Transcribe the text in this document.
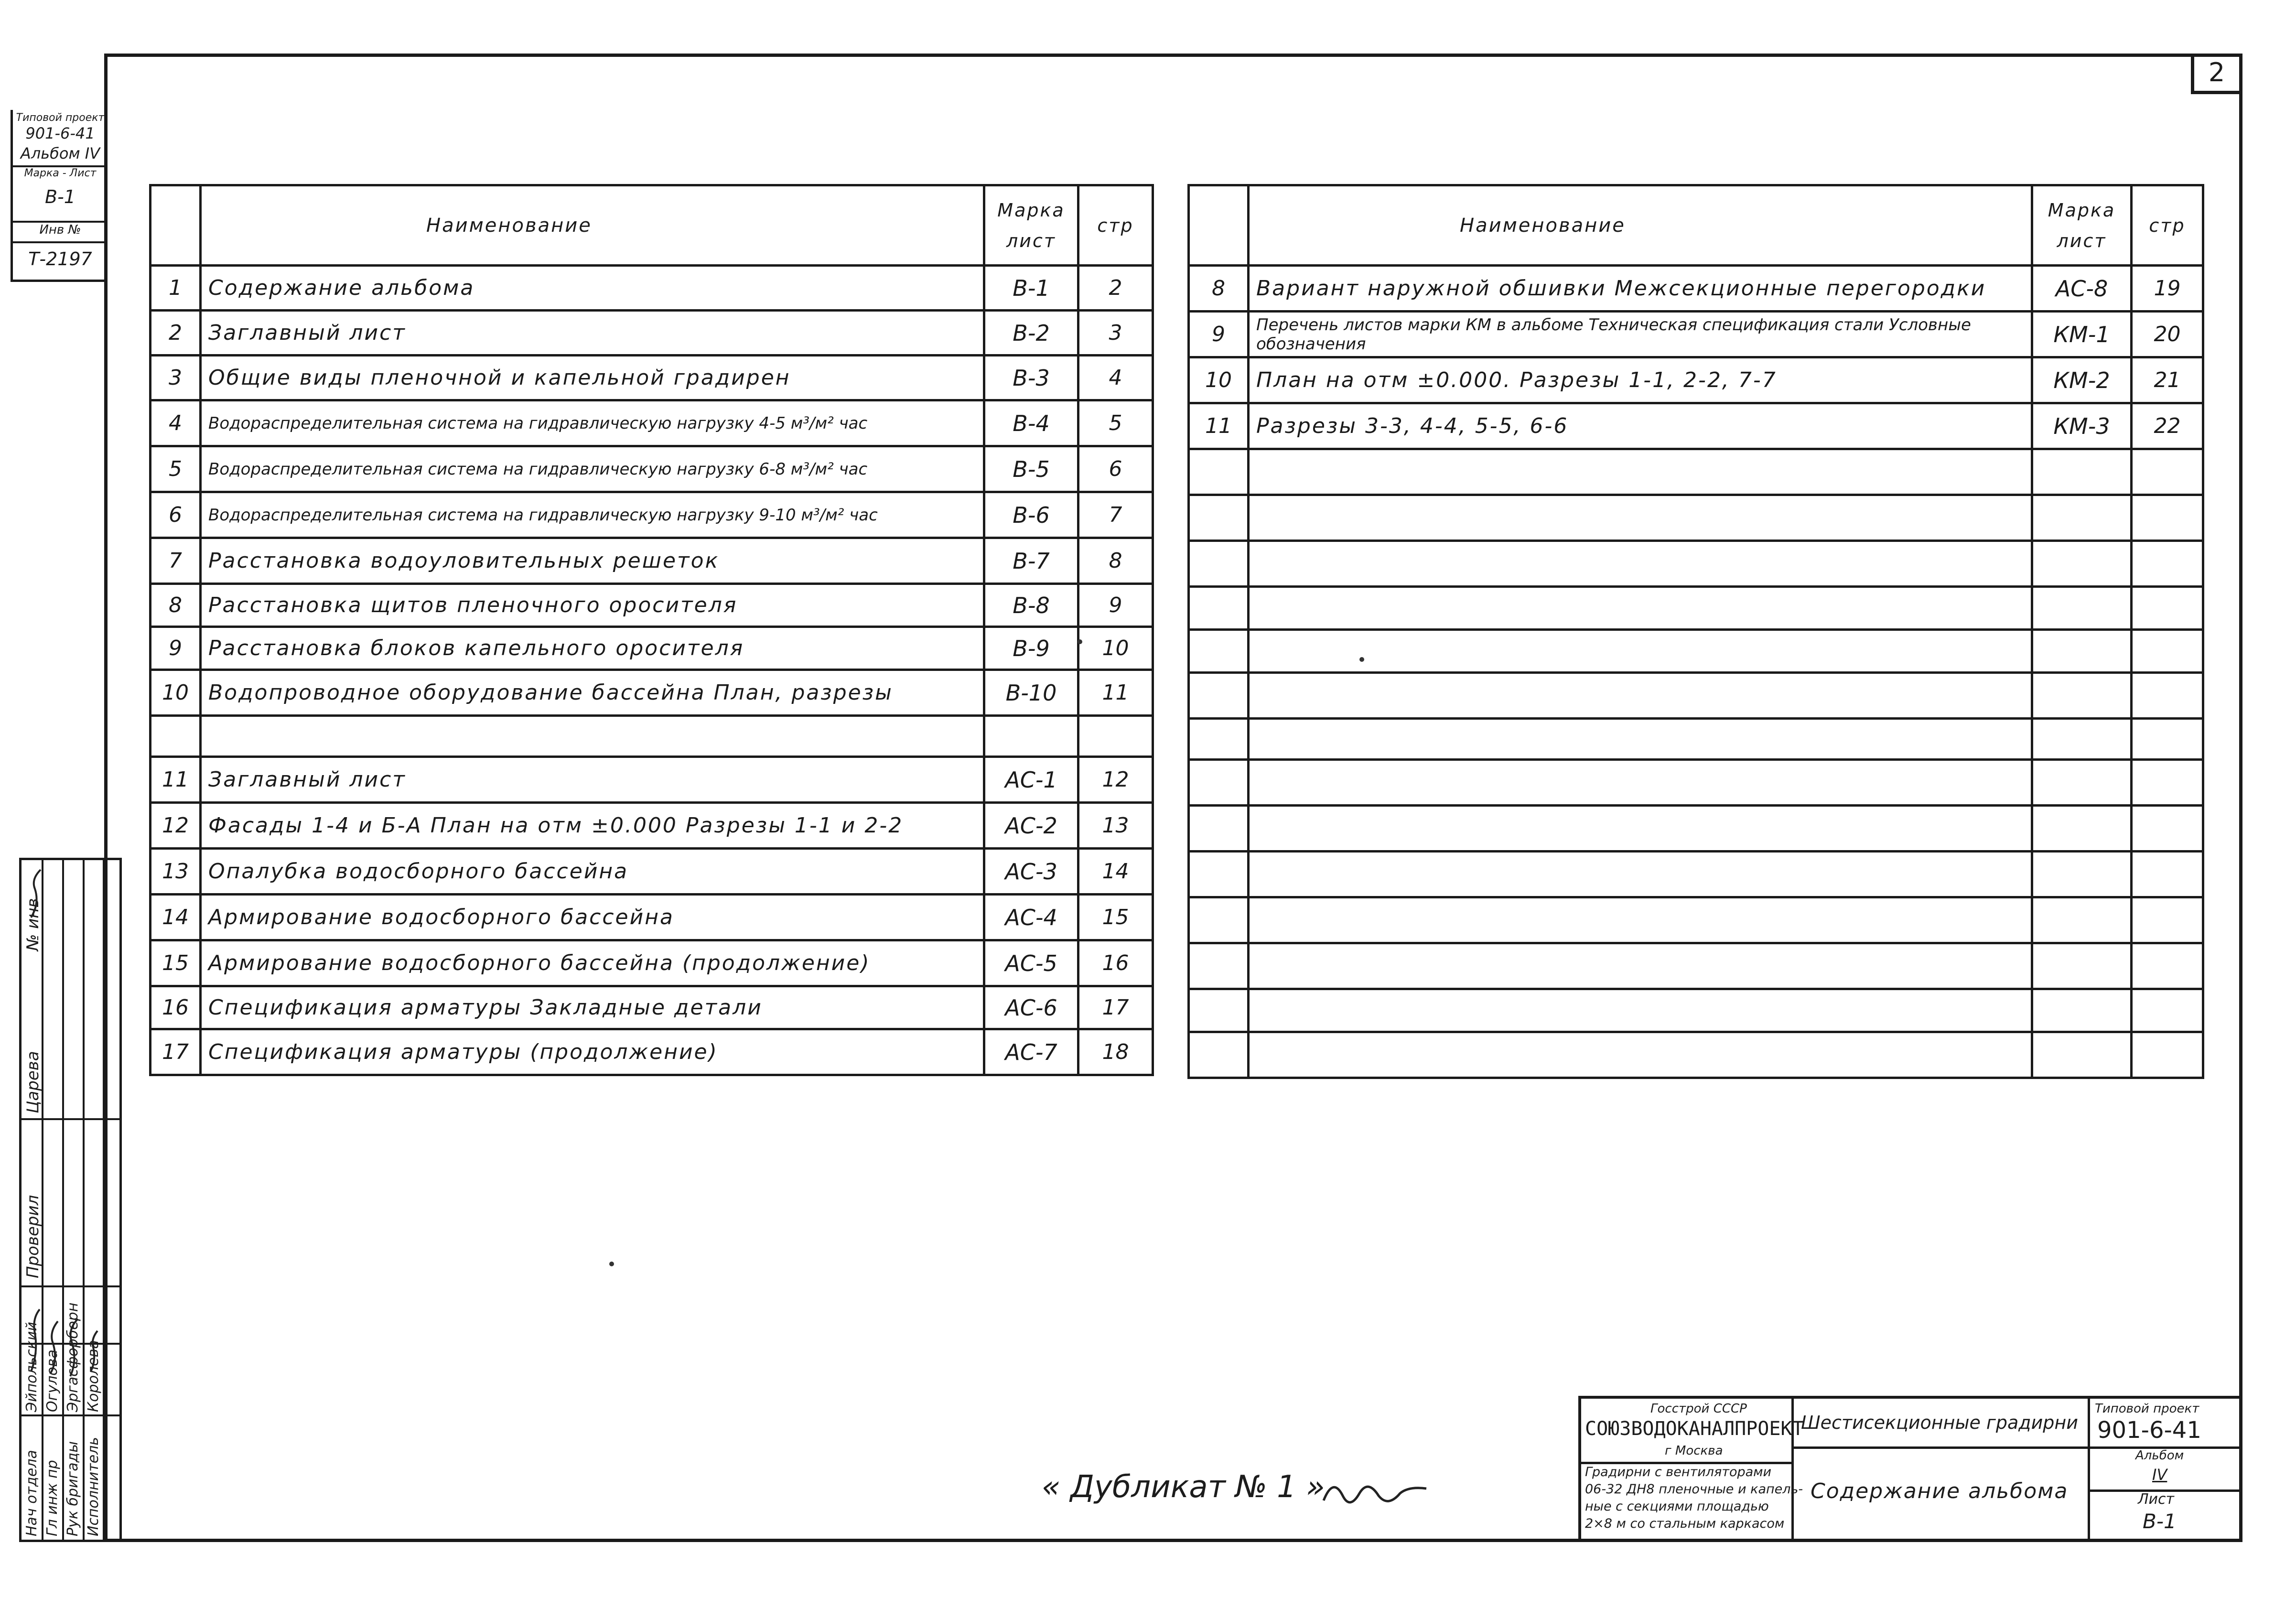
2
Типовой проект
901-6-41
Альбом IV
Марка - Лист
В-1
Инв №
Т-2197
	Наименование	Марка лист	стр
1	Содержание альбома	В-1	2
2	Заглавный лист	В-2	3
3	Общие виды пленочной и капельной градирен	В-3	4
4	Водораспределительная система на гидравлическую нагрузку 4-5 м³/м² час	В-4	5
5	Водораспределительная система на гидравлическую нагрузку 6-8 м³/м² час	В-5	6
6	Водораспределительная система на гидравлическую нагрузку 9-10 м³/м² час	В-6	7
7	Расстановка водоуловительных решеток	В-7	8
8	Расстановка щитов пленочного оросителя	В-8	9
9	Расстановка блоков капельного оросителя	В-9	10
10	Водопроводное оборудование бассейна План, разрезы	В-10	11

11	Заглавный лист	АС-1	12
12	Фасады 1-4 и Б-А План на отм ±0.000 Разрезы 1-1 и 2-2	АС-2	13
13	Опалубка водосборного бассейна	АС-3	14
14	Армирование водосборного бассейна	АС-4	15
15	Армирование водосборного бассейна (продолжение)	АС-5	16
16	Спецификация арматуры Закладные детали	АС-6	17
17	Спецификация арматуры (продолжение)	АС-7	18
	Наименование	Марка лист	стр
8	Вариант наружной обшивки Межсекционные перегородки	АС-8	19
9	Перечень листов марки КМ в альбоме Техническая спецификация стали Условные обозначения	КМ-1	20
10	План на отм ±0.000. Разрезы 1-1, 2-2, 7-7	КМ-2	21
11	Разрезы 3-3, 4-4, 5-5, 6-6	КМ-3	22

Нач отдела Гл инж пр Рук бригады Исполнитель
Эйпольский Огулова Эргасфорберн Королева
Проверил
Царева
№ инв
Госстрой СССР
СОЮЗВОДОКАНАЛПРОЕКТ
г Москва
Градирни с вентиляторами
06-32 ДН8 пленочные и капель-
ные с секциями площадью
2×8 м со стальным каркасом
Шестисекционные градирни
Содержание альбома
Типовой проект
901-6-41
Альбом
IV
Лист
В-1
« Дубликат № 1 »
